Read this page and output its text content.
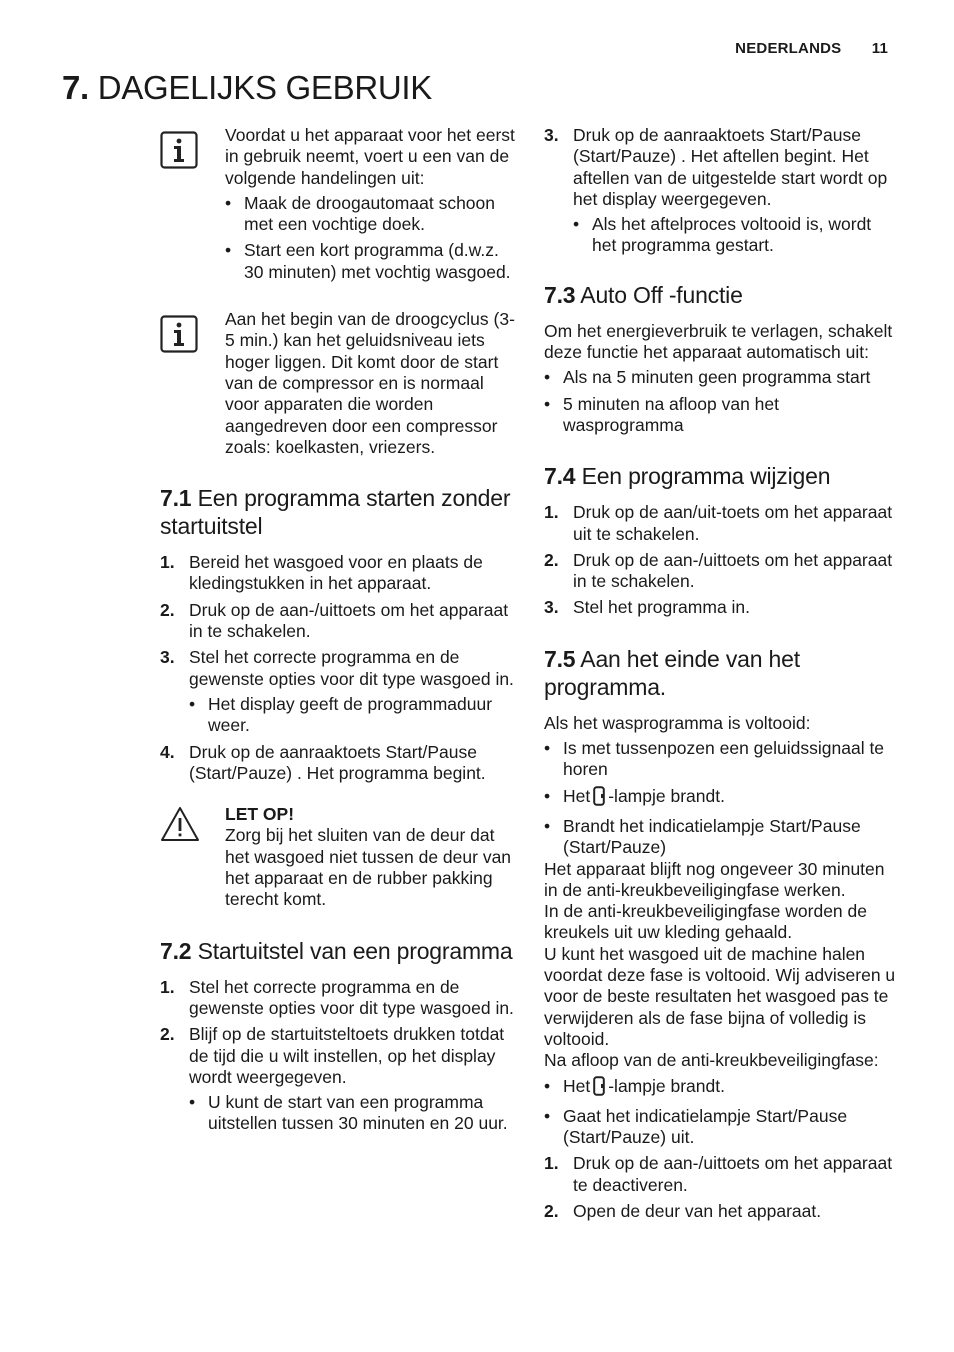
NEDERLANDS 11
7. DAGELIJKS GEBRUIK

Voordat u het apparaat voor het eerst in gebruik neemt, voert u een van de volgende handelingen uit:

• Maak de droogautomaat schoon met een vochtige doek.
• Start een kort programma (d.w.z. 30 minuten) met vochtig wasgoed.

Aan het begin van de droogcyclus (3-5 min.) kan het geluidsniveau iets hoger liggen. Dit komt door de start van de compressor en is normaal voor apparaten die worden aangedreven door een compressor zoals: koelkasten, vriezers.

7.1 Een programma starten zonder startuitstel
1. Bereid het wasgoed voor en plaats de kledingstukken in het apparaat.
2. Druk op de aan-/uittoets om het apparaat in te schakelen.
3. Stel het correcte programma en de gewenste opties voor dit type wasgoed in.
• Het display geeft de programmaduur weer.
4. Druk op de aanraaktoets Start/Pause (Start/Pauze) . Het programma begint.
LET OP!

Zorg bij het sluiten van de deur dat het wasgoed niet tussen de deur van het apparaat en de rubber pakking terecht komt.

7.2 Startuitstel van een programma
1. Stel het correcte programma en de gewenste opties voor dit type wasgoed in.
2. Blijf op de startuitsteltoets drukken totdat de tijd die u wilt instellen, op het display wordt weergegeven.
• U kunt de start van een programma uitstellen tussen 30 minuten en 20 uur.
3. Druk op de aanraaktoets Start/Pause (Start/Pauze) . Het aftellen begint. Het aftellen van de uitgestelde start wordt op het display weergegeven.
• Als het aftelproces voltooid is, wordt het programma gestart.
7.3 Auto Off -functie

Om het energieverbruik te verlagen, schakelt deze functie het apparaat automatisch uit:

• Als na 5 minuten geen programma start
• 5 minuten na afloop van het wasprogramma
7.4 Een programma wijzigen
1. Druk op de aan/uit-toets om het apparaat uit te schakelen.
2. Druk op de aan-/uittoets om het apparaat in te schakelen.
3. Stel het programma in.
7.5 Aan het einde van het programma.

Als het wasprogramma is voltooid:

• Is met tussenpozen een geluidssignaal te horen
• Het -lampje brandt.
• Brandt het indicatielampje Start/Pause (Start/Pauze)

Het apparaat blijft nog ongeveer 30 minuten in de anti-kreukbeveiligingfase werken.

In de anti-kreukbeveiligingfase worden de kreukels uit uw kleding gehaald.

U kunt het wasgoed uit de machine halen voordat deze fase is voltooid. Wij adviseren u voor de beste resultaten het wasgoed pas te verwijderen als de fase bijna of volledig is voltooid.

Na afloop van de anti-kreukbeveiligingfase:

• Het -lampje brandt.
• Gaat het indicatielampje Start/Pause (Start/Pauze) uit.
1. Druk op de aan-/uittoets om het apparaat te deactiveren.
2. Open de deur van het apparaat.
